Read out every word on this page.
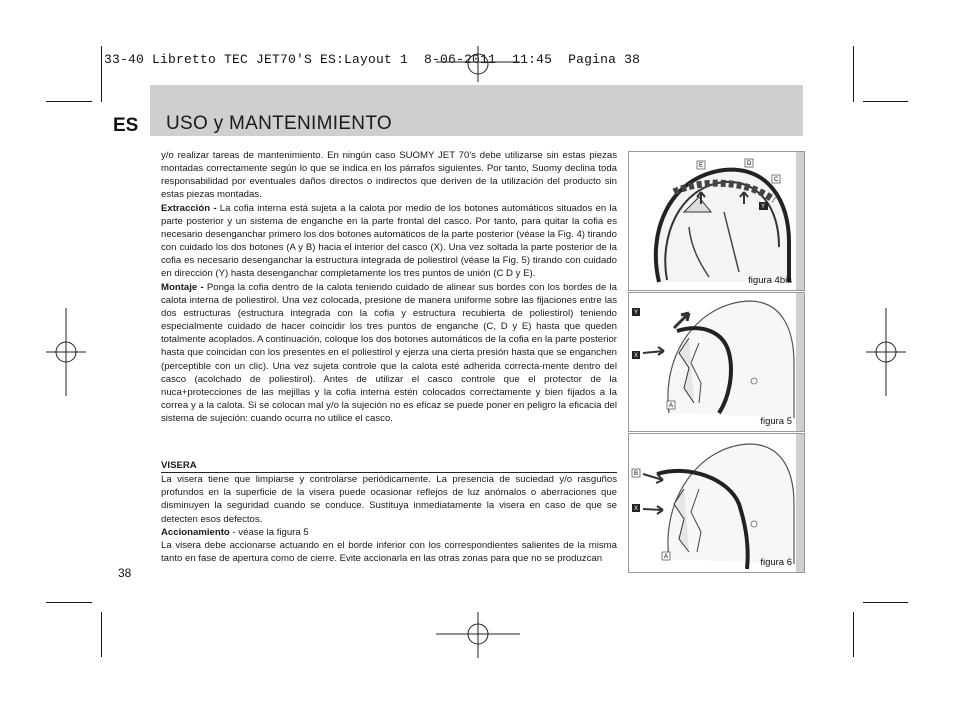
33-40 Libretto TEC JET70'S ES:Layout 1  8-06-2011  11:45  Pagina 38
ES USO y MANTENIMIENTO

y/o realizar tareas de mantenimiento. En ningún caso SUOMY JET 70's debe utilizarse sin estas piezas montadas correctamente según lo que se indica en los párrafos siguientes. Por tanto, Suomy declina toda responsabilidad por eventuales daños directos o indirectos que deriven de la utilización del producto sin estas piezas montadas.

Extracción - La cofia interna está sujeta a la calota por medio de los botones automáticos situados en la parte posterior y un sistema de enganche en la parte frontal del casco. Por tanto, para quitar la cofia es necesario desenganchar primero los dos botones automáticos de la parte posterior (véase la Fig. 4) tirando con cuidado los dos botones (A y B) hacia el interior del casco (X). Una vez soltada la parte posterior de la cofia es necesario desenganchar la estructura integrada de poliestirol (véase la Fig. 5) tirando con cuidado en dirección (Y) hasta desenganchar completamente los tres puntos de unión (C D y E).

Montaje - Ponga la cofia dentro de la calota teniendo cuidado de alinear sus bordes con los bordes de la calota interna de poliestirol. Una vez colocada, presione de manera uniforme sobre las fijaciones entre las dos estructuras (estructura integrada con la cofia y estructura recubierta de poliestirol) teniendo especialmente cuidado de hacer coincidir los tres puntos de enganche (C, D y E) hasta que queden totalmente acoplados. A continuación, coloque los dos botones automáticos de la cofia en la parte posterior hasta que coincidan con los presentes en el poliestirol y ejerza una cierta presión hasta que se enganchen (perceptible con un clic). Una vez sujeta controle que la calota esté adherida correcta-mente dentro del casco (acolchado de poliestirol). Antes de utilizar el casco controle que el protector de la nuca+protecciones de las mejillas y la cofia interna estén colocados correctamente y bien fijados a la correa y a la calota. Si se colocan mal y/o la sujeción no es eficaz se puede poner en peligro la eficacia del sistema de sujeción: cuando ocurra no utilice el casco.

VISERA

La visera tiene que limpiarse y controlarse periódicamente. La presencia de suciedad y/o rasguños profundos en la superficie de la visera puede ocasionar reflejos de luz anómalos o aberraciones que disminuyen la seguridad cuando se conduce. Sustituya inmediatamente la visera en caso de que se detecten esos defectos.

Accionamiento - véase la figura 5

La visera debe accionarse actuando en el borde inferior con los correspondientes salientes de la misma tanto en fase de apertura como de cierre. Evite accionarla en las otras zonas para que no se produzcan

38
E	D
C
Y
figura 4bis
Y
X
A
figura 5
B
X
A	figura 6
